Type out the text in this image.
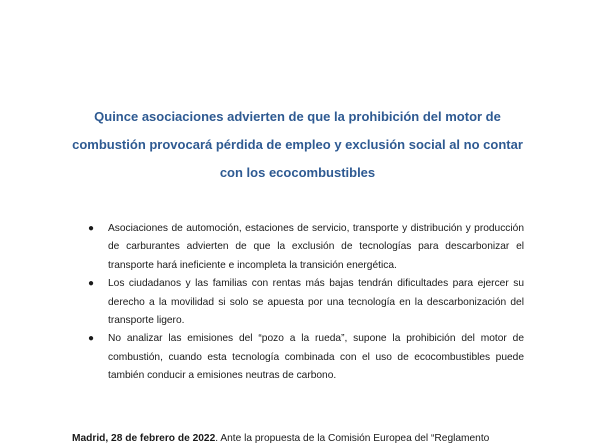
Quince asociaciones advierten de que la prohibición del motor de combustión provocará pérdida de empleo y exclusión social al no contar con los ecocombustibles

● Asociaciones de automoción, estaciones de servicio, transporte y distribución y producción de carburantes advierten de que la exclusión de tecnologías para descarbonizar el transporte hará ineficiente e incompleta la transición energética.
● Los ciudadanos y las familias con rentas más bajas tendrán dificultades para ejercer su derecho a la movilidad si solo se apuesta por una tecnología en la descarbonización del transporte ligero.
● No analizar las emisiones del “pozo a la rueda”, supone la prohibición del motor de combustión, cuando esta tecnología combinada con el uso de ecocombustibles puede también conducir a emisiones neutras de carbono.

Madrid, 28 de febrero de 2022. Ante la propuesta de la Comisión Europea del “Reglamento
